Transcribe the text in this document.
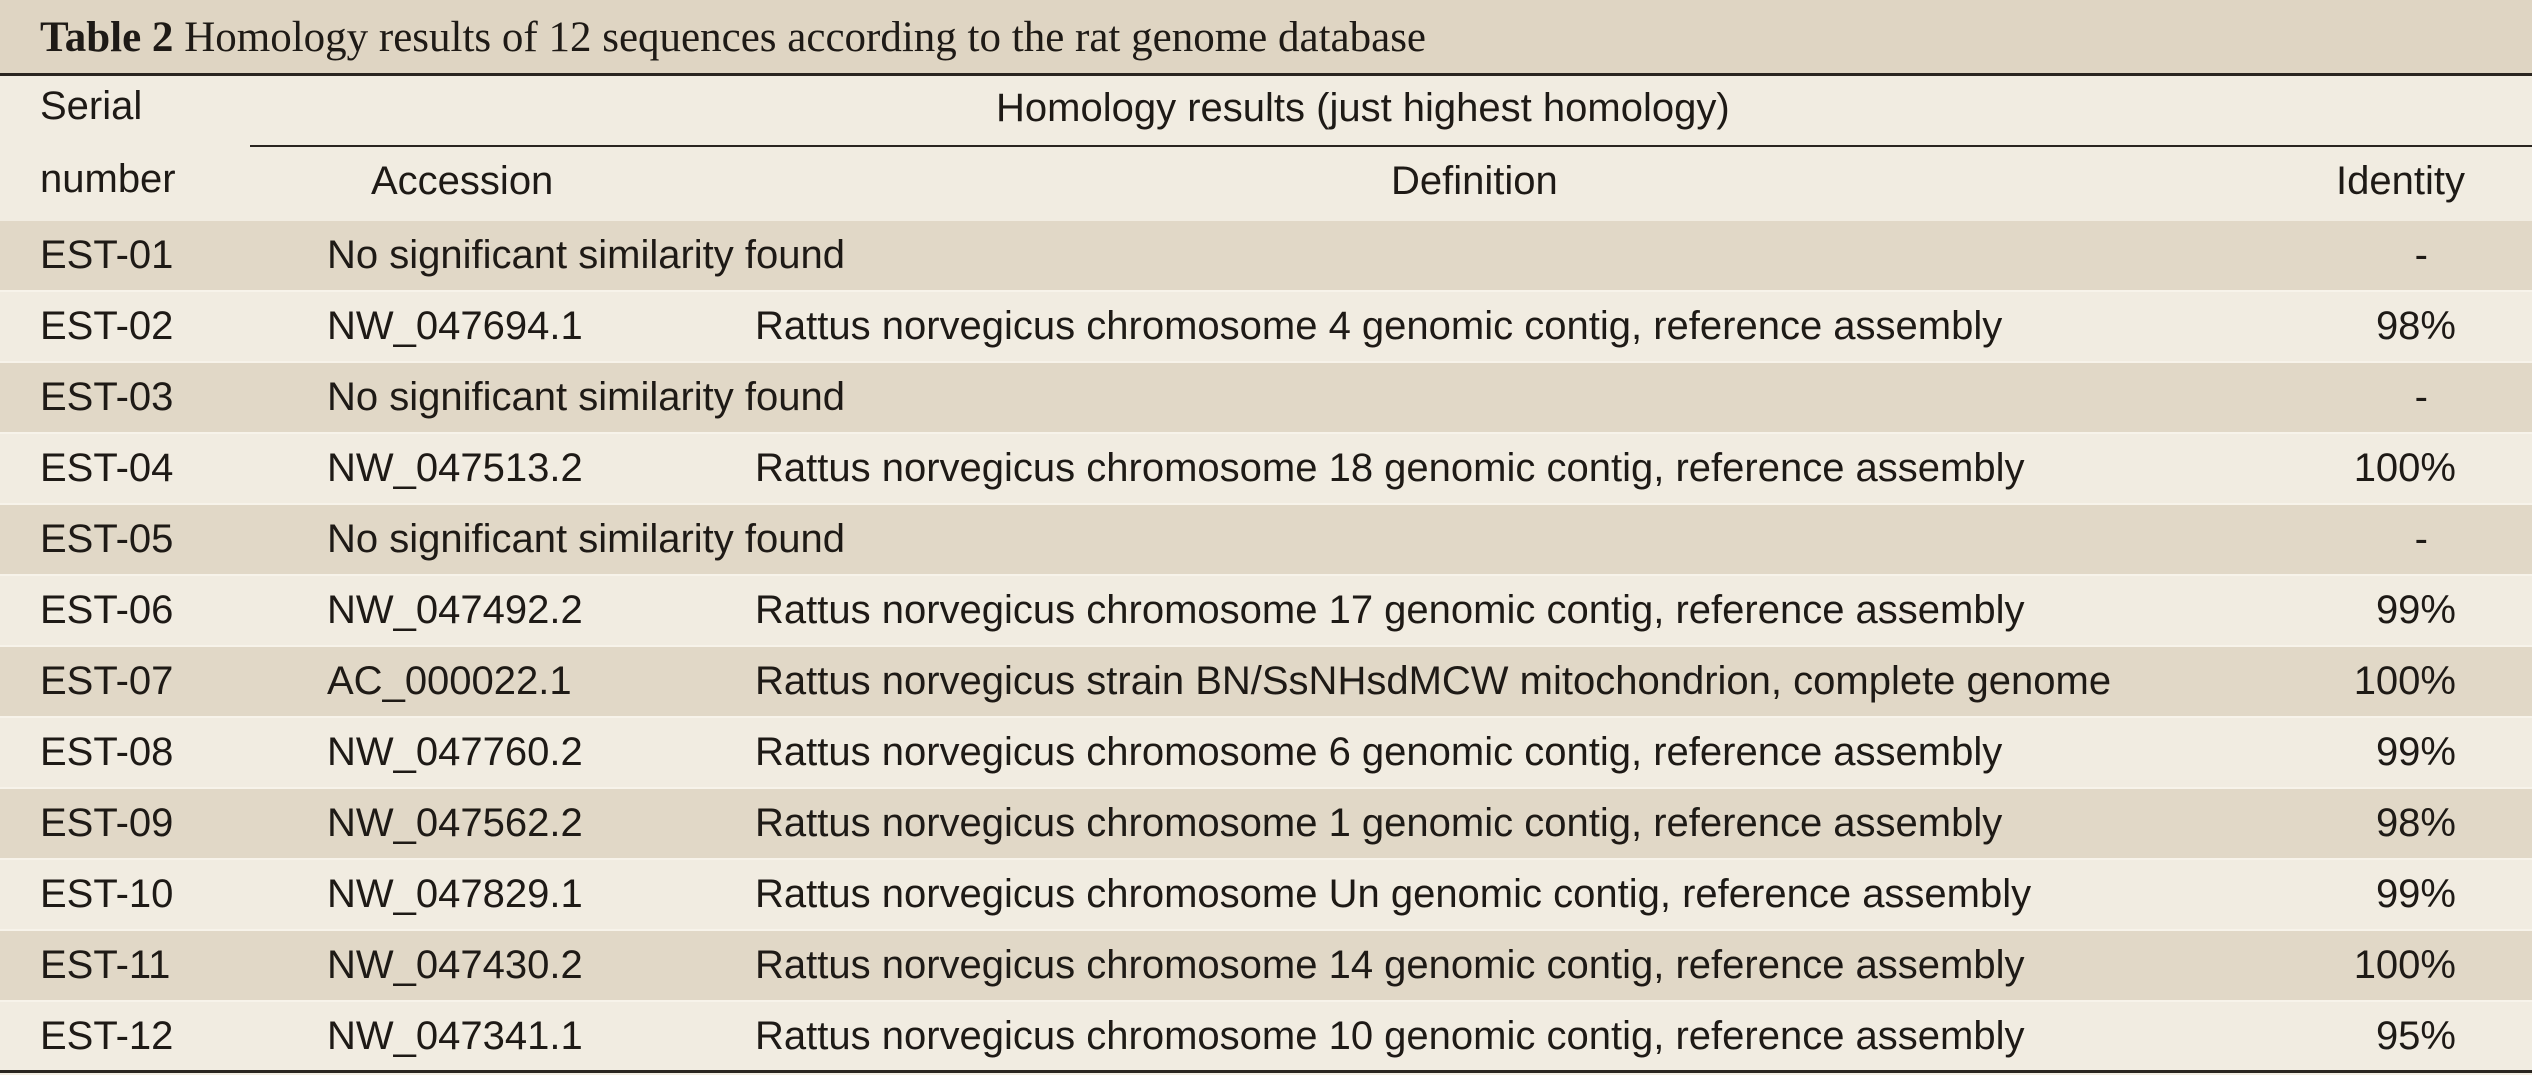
Table 2 Homology results of 12 sequences according to the rat genome database
Serial
number
Homology results (just highest homology)
Accession	Definition	Identity
EST-01	No significant similarity found	-
EST-02	NW_047694.1	Rattus norvegicus chromosome 4 genomic contig, reference assembly	98%
EST-03	No significant similarity found	-
EST-04	NW_047513.2	Rattus norvegicus chromosome 18 genomic contig, reference assembly	100%
EST-05	No significant similarity found	-
EST-06	NW_047492.2	Rattus norvegicus chromosome 17 genomic contig, reference assembly	99%
EST-07	AC_000022.1	Rattus norvegicus strain BN/SsNHsdMCW mitochondrion, complete genome	100%
EST-08	NW_047760.2	Rattus norvegicus chromosome 6 genomic contig, reference assembly	99%
EST-09	NW_047562.2	Rattus norvegicus chromosome 1 genomic contig, reference assembly	98%
EST-10	NW_047829.1	Rattus norvegicus chromosome Un genomic contig, reference assembly	99%
EST-11	NW_047430.2	Rattus norvegicus chromosome 14 genomic contig, reference assembly	100%
EST-12	NW_047341.1	Rattus norvegicus chromosome 10 genomic contig, reference assembly	95%
